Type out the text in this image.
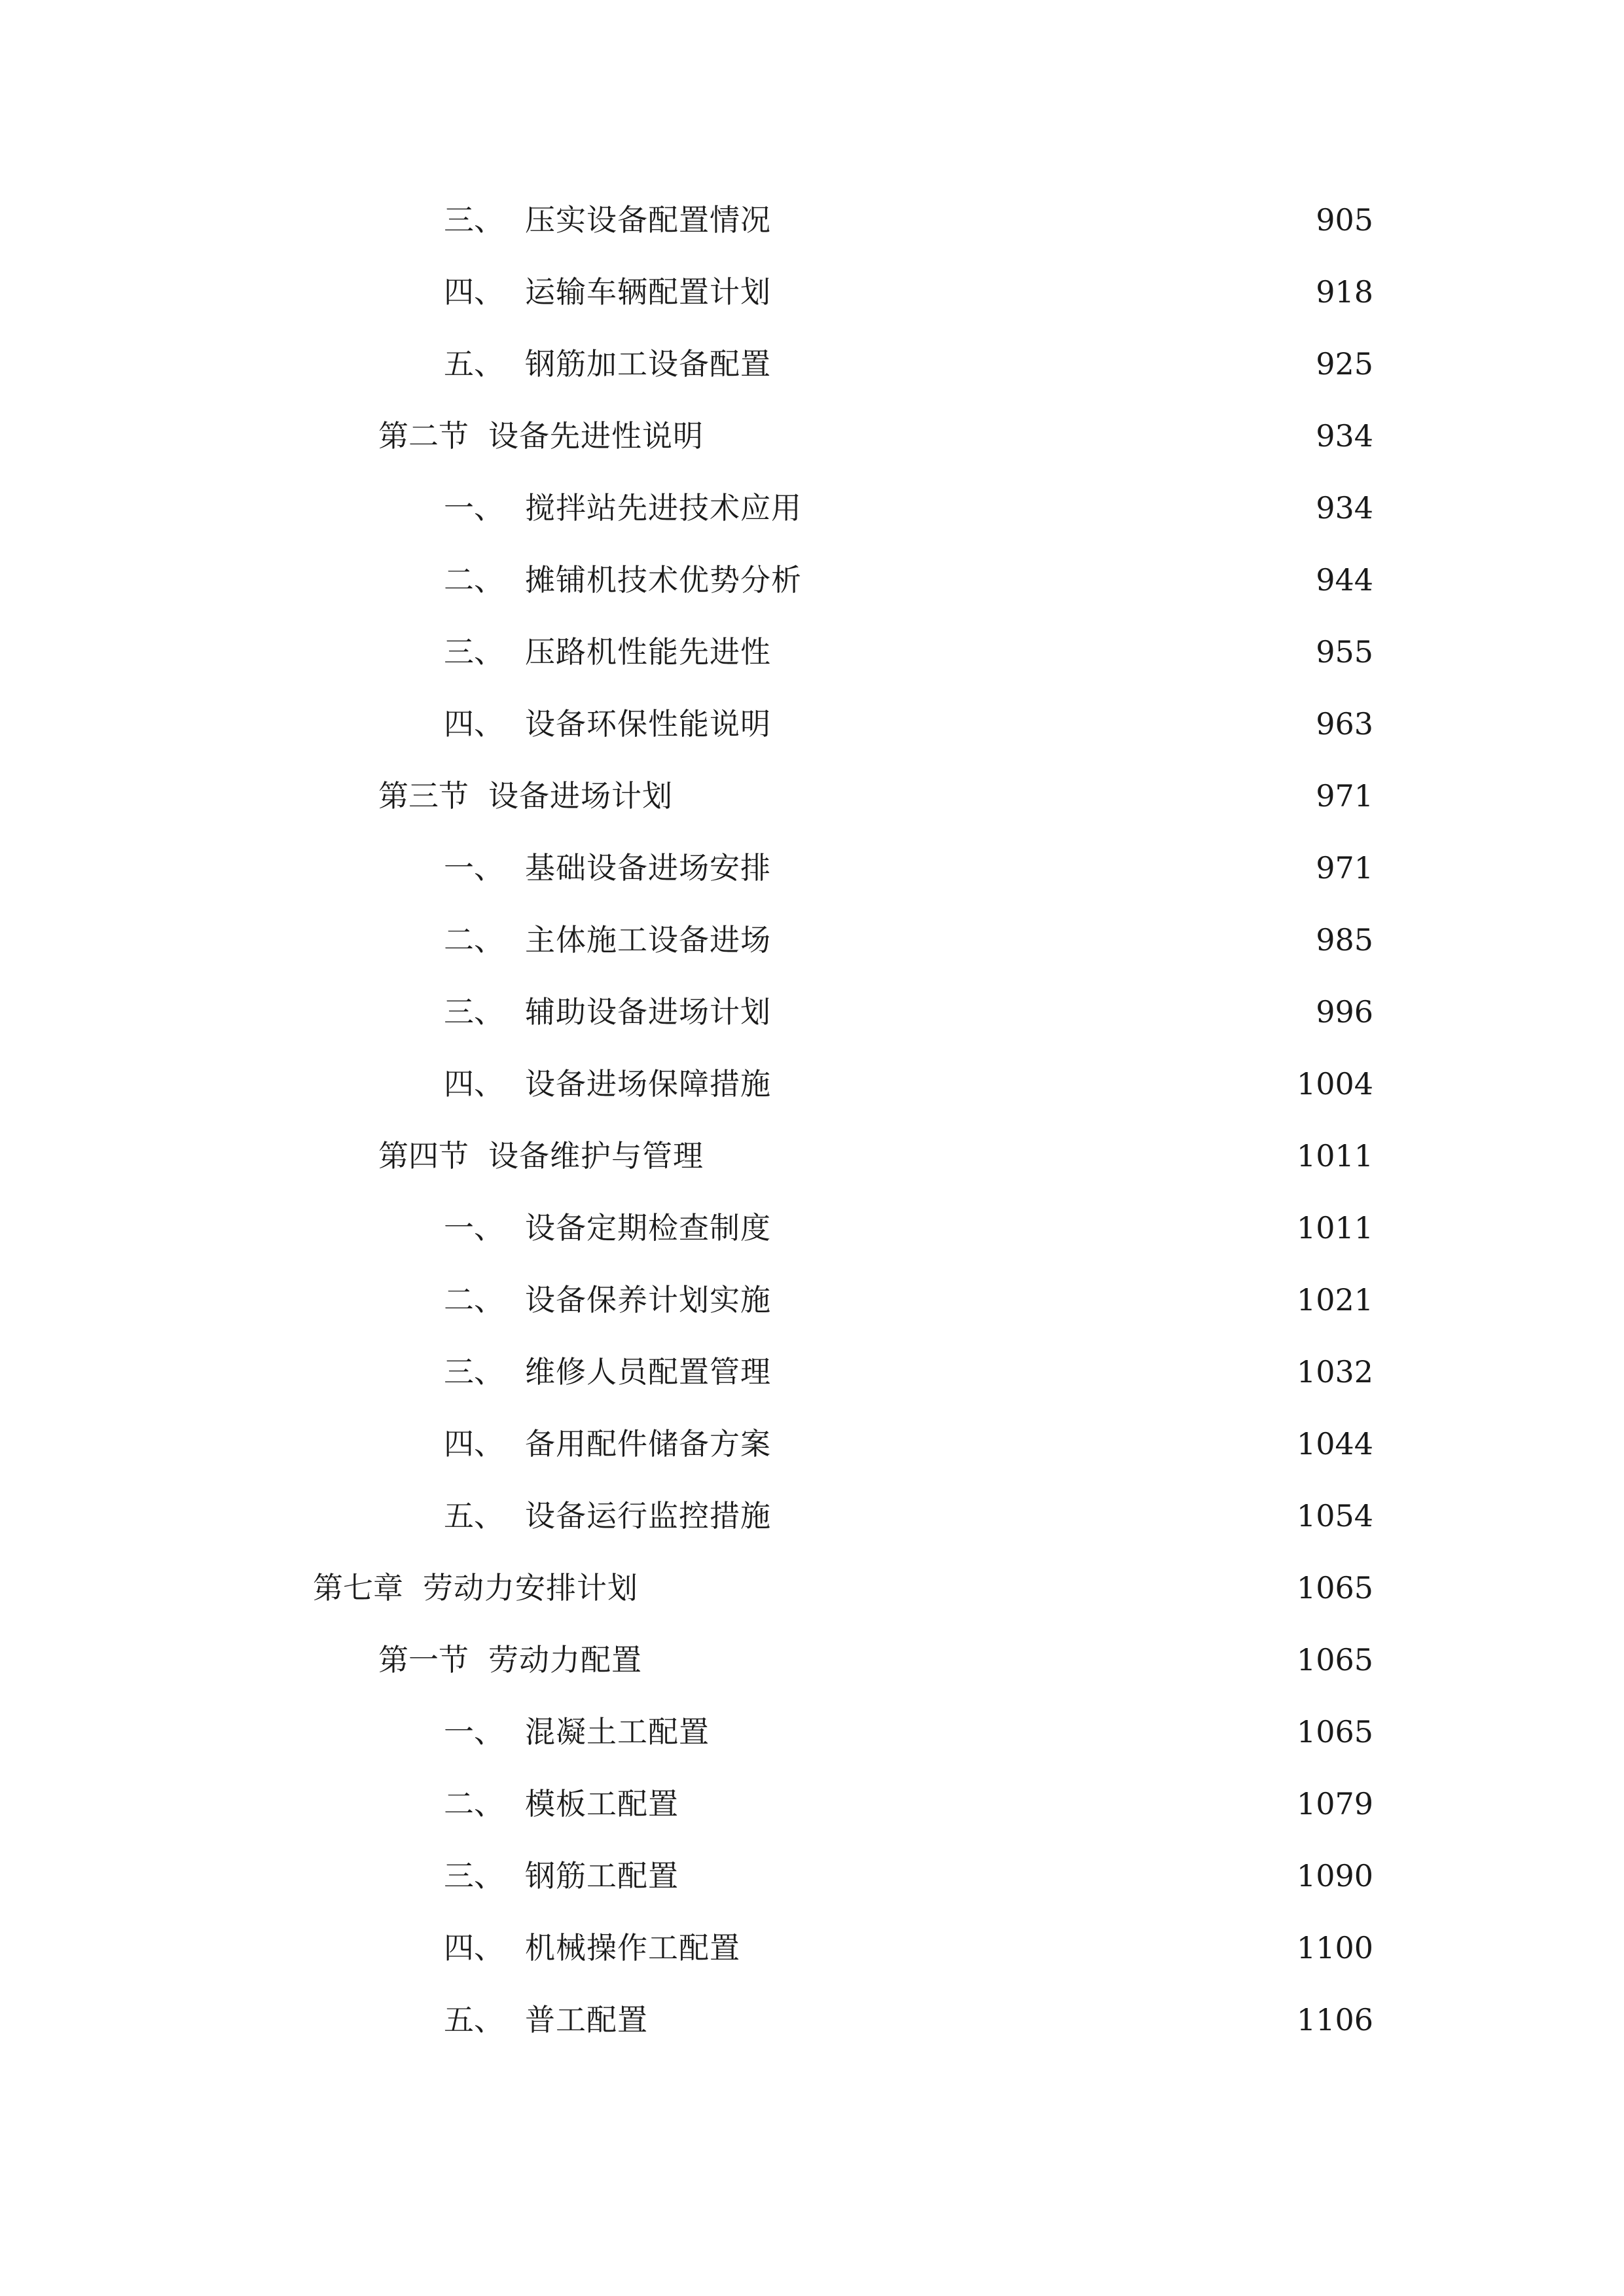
三、 压实设备配置情况	905
四、 运输车辆配置计划	918
五、 钢筋加工设备配置	925
第二节 设备先进性说明	934
一、 搅拌站先进技术应用	934
二、 摊铺机技术优势分析	944
三、 压路机性能先进性	955
四、 设备环保性能说明	963
第三节 设备进场计划	971
一、 基础设备进场安排	971
二、 主体施工设备进场	985
三、 辅助设备进场计划	996
四、 设备进场保障措施	1004
第四节 设备维护与管理	1011
一、 设备定期检查制度	1011
二、 设备保养计划实施	1021
三、 维修人员配置管理	1032
四、 备用配件储备方案	1044
五、 设备运行监控措施	1054
第七章 劳动力安排计划	1065
第一节 劳动力配置	1065
一、 混凝土工配置	1065
二、 模板工配置	1079
三、 钢筋工配置	1090
四、 机械操作工配置	1100
五、 普工配置	1106
